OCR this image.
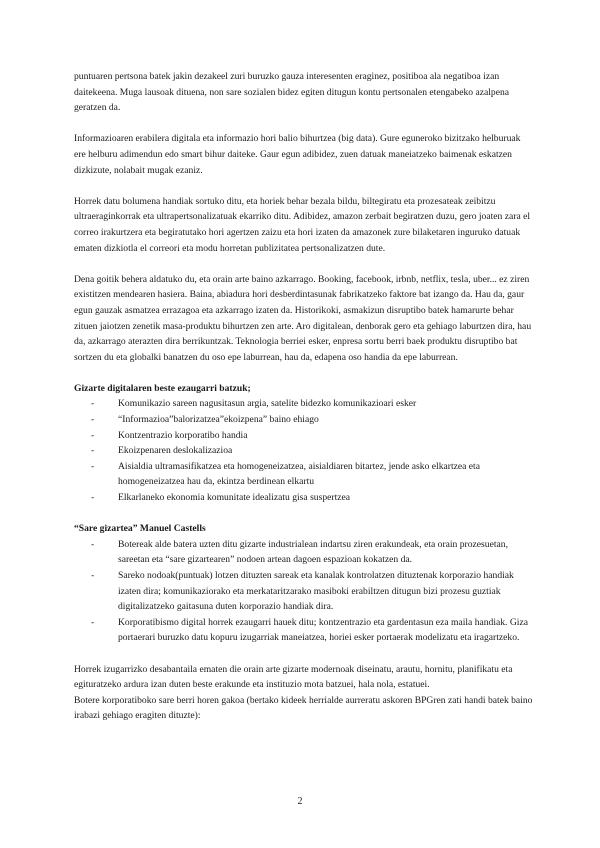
puntuaren pertsona batek jakin dezakeel zuri buruzko gauza interesenten eraginez, positiboa ala negatiboa izan daitekeena. Muga lausoak dituena, non sare sozialen bidez egiten ditugun kontu pertsonalen etengabeko azalpena geratzen da.

Informazioaren erabilera digitala eta informazio hori balio bihurtzea (big data). Gure eguneroko bizitzako helburuak ere helburu adimendun edo smart bihur daiteke. Gaur egun adibidez, zuen datuak maneiatzeko baimenak eskatzen dizkizute, nolabait mugak ezaniz.

Horrek datu bolumena handiak sortuko ditu, eta horiek behar bezala bildu, biltegiratu eta prozesateak zeibitzu ultraeraginkorrak eta ultrapertsonalizatuak ekarriko ditu. Adibidez, amazon zerbait begiratzen duzu, gero joaten zara el correo irakurtzera eta begiratutako hori agertzen zaizu eta hori izaten da amazonek zure bilaketaren inguruko datuak ematen dizkiotla el correori eta modu horretan publizitatea pertsonalizatzen dute.

Dena goitik behera aldatuko du, eta orain arte baino azkarrago. Booking, facebook, irbnb, netflix, tesla, uber... ez ziren existitzen mendearen hasiera. Baina, abiadura hori desberdintasunak fabrikatzeko faktore bat izango da. Hau da, gaur egun gauzak asmatzea errazagoa eta azkarrago izaten da. Historikoki, asmakizun disruptibo batek hamarurte behar zituen jaiotzen zenetik masa-produktu bihurtzen zen arte. Aro digitalean, denborak gero eta gehiago laburtzen dira, hau da, azkarrago aterazten dira berrikuntzak. Teknologia berriei esker, enpresa sortu berri baek produktu disruptibo bat sortzen du eta globalki banatzen du oso epe laburrean, hau da, edapena oso handia da epe laburrean.

Gizarte digitalaren beste ezaugarri batzuk;
- Komunikazio sareen nagusitasun argia, satelite bidezko komunikazioari esker
- “Informazioa”balorizatzea”ekoizpena” baino ehiago
- Kontzentrazio korporatibo handia
- Ekoizpenaren deslokalizazioa
- Aisialdia ultramasifikatzea eta homogeneizatzea, aisialdiaren bitartez, jende asko elkartzea eta homogeneizatzea hau da, ekintza berdinean elkartu
- Elkarlaneko ekonomia komunitate idealizatu gisa suspertzea
“Sare gizartea” Manuel Castells
- Botereak alde batera uzten ditu gizarte industrialean indartsu ziren erakundeak, eta orain prozesuetan, sareetan eta “sare gizartearen” nodoen artean dagoen espazioan kokatzen da.
- Sareko nodoak(puntuak) lotzen dituzten sareak eta kanalak kontrolatzen dituztenak korporazio handiak izaten dira; komunikaziorako eta merkataritzarako masiboki erabiltzen ditugun bizi prozesu guztiak digitalizatzeko gaitasuna duten korporazio handiak dira.
- Korporatibismo digital horrek ezaugarri hauek ditu; kontzentrazio eta gardentasun eza maila handiak. Giza portaerari buruzko datu kopuru izugarriak maneiatzea, horiei esker portaerak modelizatu eta iragartzeko.

Horrek izugarrizko desabantaila ematen die orain arte gizarte modernoak diseinatu, arautu, hornitu, planifikatu eta egituratzeko ardura izan duten beste erakunde eta instituzio mota batzuei, hala nola, estatuei.

Botere korporatiboko sare berri horen gakoa (bertako kideek herrialde aurreratu askoren BPGren zati handi batek baino irabazi gehiago eragiten dituzte):

2
